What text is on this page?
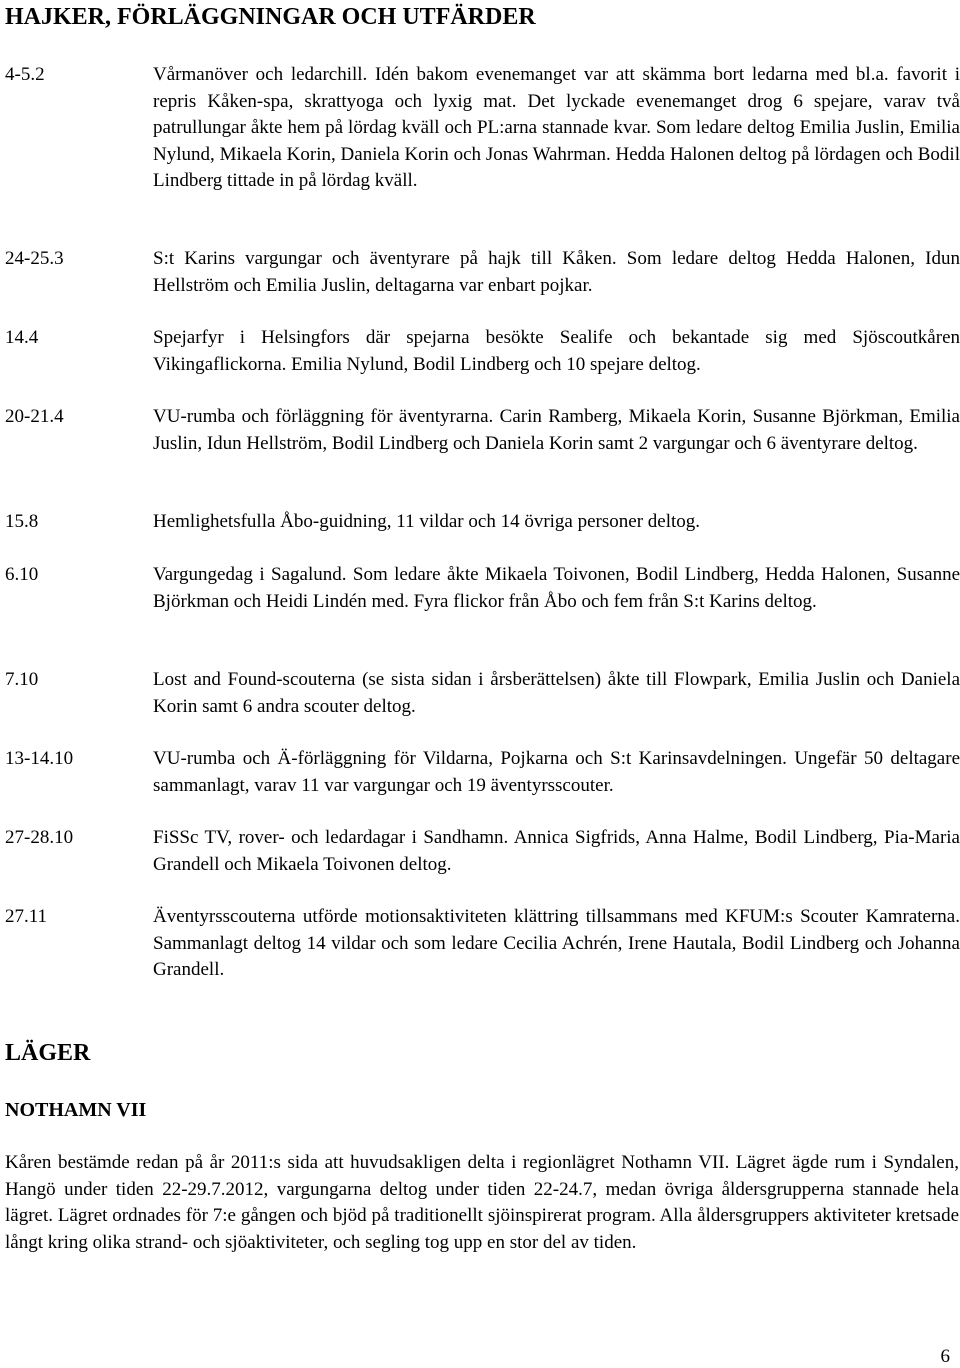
HAJKER, FÖRLÄGGNINGAR OCH UTFÄRDER
4-5.2	Vårmanöver och ledarchill. Idén bakom evenemanget var att skämma bort ledarna med bl.a. favorit i repris Kåken-spa, skrattyoga och lyxig mat. Det lyckade evenemanget drog 6 spejare, varav två patrullungar åkte hem på lördag kväll och PL:arna stannade kvar. Som ledare deltog Emilia Juslin, Emilia Nylund, Mikaela Korin, Daniela Korin och Jonas Wahrman. Hedda Halonen deltog på lördagen och Bodil Lindberg tittade in på lördag kväll.
24-25.3	S:t Karins vargungar och äventyrare på hajk till Kåken. Som ledare deltog Hedda Halonen, Idun Hellström och Emilia Juslin, deltagarna var enbart pojkar.
14.4	Spejarfyr i Helsingfors där spejarna besökte Sealife och bekantade sig med Sjöscoutkåren Vikingaflickorna. Emilia Nylund, Bodil Lindberg och 10 spejare deltog.
20-21.4	VU-rumba och förläggning för äventyrarna. Carin Ramberg, Mikaela Korin, Susanne Björkman, Emilia Juslin, Idun Hellström, Bodil Lindberg och Daniela Korin samt 2 vargungar och 6 äventyrare deltog.
15.8	Hemlighetsfulla Åbo-guidning, 11 vildar och 14 övriga personer deltog.
6.10	Vargungedag i Sagalund. Som ledare åkte Mikaela Toivonen, Bodil Lindberg, Hedda Halonen, Susanne Björkman och Heidi Lindén med. Fyra flickor från Åbo och fem från S:t Karins deltog.
7.10	Lost and Found-scouterna (se sista sidan i årsberättelsen) åkte till Flowpark, Emilia Juslin och Daniela Korin samt 6 andra scouter deltog.
13-14.10	VU-rumba och Ä-förläggning för Vildarna, Pojkarna och S:t Karinsavdelningen. Ungefär 50 deltagare sammanlagt, varav 11 var vargungar och 19 äventyrsscouter.
27-28.10	FiSSc TV, rover- och ledardagar i Sandhamn. Annica Sigfrids, Anna Halme, Bodil Lindberg, Pia-Maria Grandell och Mikaela Toivonen deltog.
27.11	Äventyrsscouterna utförde motionsaktiviteten klättring tillsammans med KFUM:s Scouter Kamraterna. Sammanlagt deltog 14 vildar och som ledare Cecilia Achrén, Irene Hautala, Bodil Lindberg och Johanna Grandell.
LÄGER
NOTHAMN VII

Kåren bestämde redan på år 2011:s sida att huvudsakligen delta i regionlägret Nothamn VII. Lägret ägde rum i Syndalen, Hangö under tiden 22-29.7.2012, vargungarna deltog under tiden 22-24.7, medan övriga åldersgrupperna stannade hela lägret. Lägret ordnades för 7:e gången och bjöd på traditionellt sjöinspirerat program. Alla åldersgruppers aktiviteter kretsade långt kring olika strand- och sjöaktiviteter, och segling tog upp en stor del av tiden.

6
